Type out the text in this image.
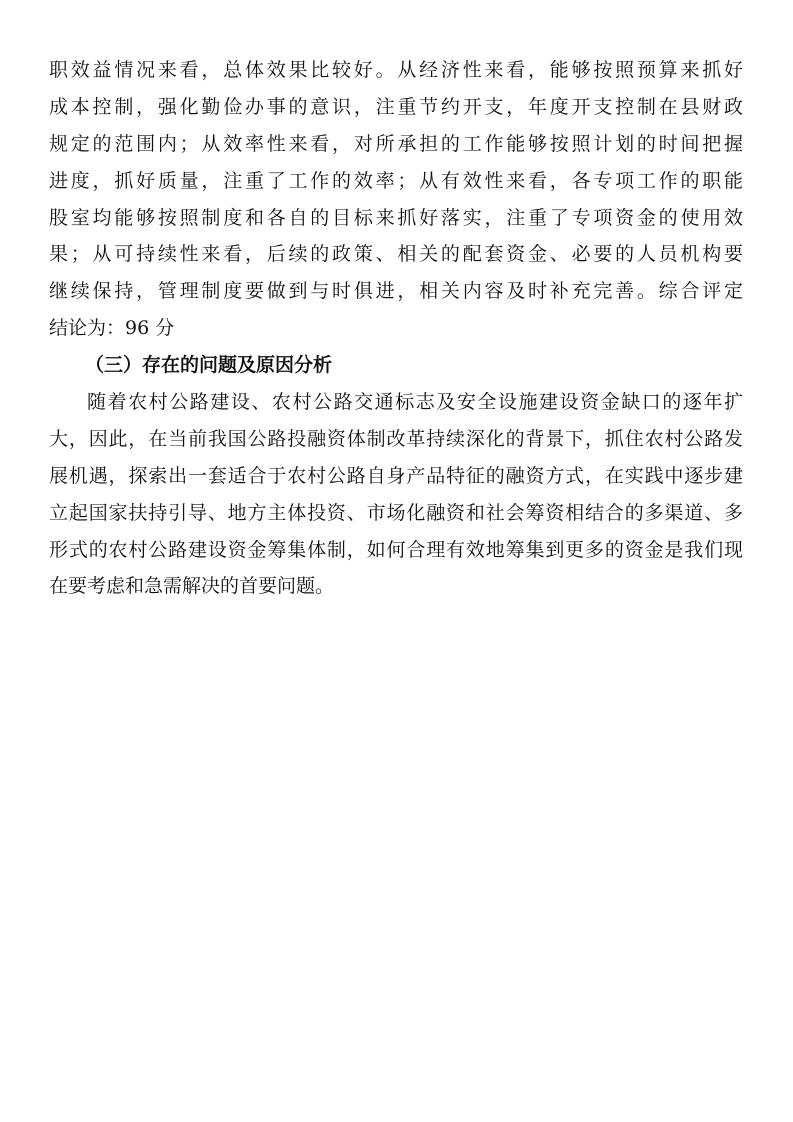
职效益情况来看，总体效果比较好。从经济性来看，能够按照预算来抓好
成本控制，强化勤俭办事的意识，注重节约开支，年度开支控制在县财政
规定的范围内；从效率性来看，对所承担的工作能够按照计划的时间把握
进度，抓好质量，注重了工作的效率；从有效性来看，各专项工作的职能
股室均能够按照制度和各自的目标来抓好落实，注重了专项资金的使用效
果；从可持续性来看，后续的政策、相关的配套资金、必要的人员机构要
继续保持，管理制度要做到与时俱进，相关内容及时补充完善。综合评定
结论为：96 分
（三）存在的问题及原因分析
随着农村公路建设、农村公路交通标志及安全设施建设资金缺口的逐年扩
大，因此，在当前我国公路投融资体制改革持续深化的背景下，抓住农村公路发
展机遇，探索出一套适合于农村公路自身产品特征的融资方式，在实践中逐步建
立起国家扶持引导、地方主体投资、市场化融资和社会筹资相结合的多渠道、多
形式的农村公路建设资金筹集体制，如何合理有效地筹集到更多的资金是我们现
在要考虑和急需解决的首要问题。
